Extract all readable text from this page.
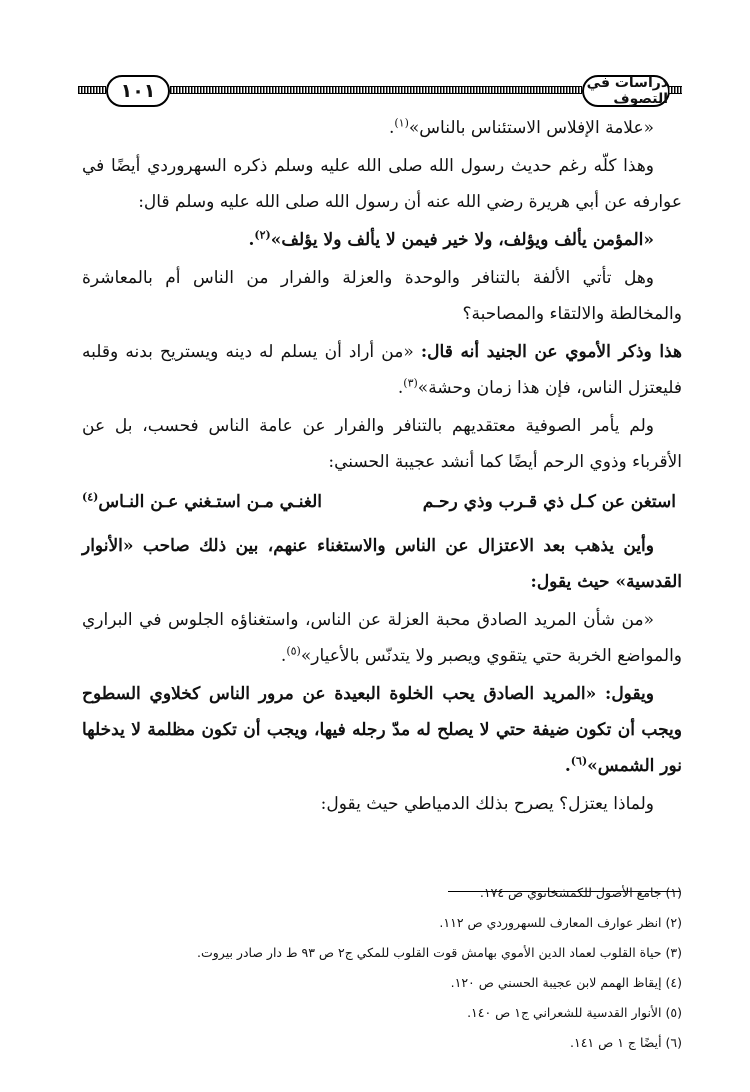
١٠١	دراسات في التصوف

«علامة الإفلاس الاستئناس بالناس»$^{(١)}$.

وهذا كلّه رغم حديث رسول الله صلى الله عليه وسلم ذكره السهروردي أيضًا في عوارفه عن أبي هريرة رضي الله عنه أن رسول الله صلى الله عليه وسلم قال:

«المؤمن يألف ويؤلف، ولا خير فيمن لا يألف ولا يؤلف»$^{(٢)}$.

وهل تأتي الألفة بالتنافر والوحدة والعزلة والفرار من الناس أم بالمعاشرة والمخالطة والالتقاء والمصاحبة؟

هذا وذكر الأموي عن الجنيد أنه قال: «من أراد أن يسلم له دينه ويستريح بدنه وقلبه فليعتزل الناس، فإن هذا زمان وحشة»$^{(٣)}$.

ولم يأمر الصوفية معتقديهم بالتنافر والفرار عن عامة الناس فحسب، بل عن الأقرباء وذوي الرحم أيضًا كما أنشد عجيبة الحسني:

استغن عن كـل ذي قـرب وذي رحـم
الغنـي مـن استـغني عـن النـاس$^{(٤)}$

وأين يذهب بعد الاعتزال عن الناس والاستغناء عنهم، بين ذلك صاحب «الأنوار القدسية» حيث يقول:

«من شأن المريد الصادق محبة العزلة عن الناس، واستغناؤه الجلوس في البراري والمواضع الخربة حتي يتقوي ويصبر ولا يتدنّس بالأعيار»$^{(٥)}$.

ويقول: «المريد الصادق يحب الخلوة البعيدة عن مرور الناس كخلاوي السطوح ويجب أن تكون ضيفة حتي لا يصلح له مدّ رجله فيها، ويجب أن تكون مظلمة لا يدخلها نور الشمس»$^{(٦)}$.

ولماذا يعتزل؟ يصرح بذلك الدمياطي حيث يقول:

(١) جامع الأصول للكمشخانوي ص ١٧٤.

(٢) انظر عوارف المعارف للسهروردي ص ١١٢.

(٣) حياة القلوب لعماد الدين الأموي بهامش قوت القلوب للمكي ج٢ ص ٩٣ ط دار صادر بيروت.

(٤) إيقاظ الهمم لابن عجيبة الحسني ص ١٢٠.

(٥) الأنوار القدسية للشعراني ج١ ص ١٤٠.

(٦) أيضًا ج ١ ص ١٤١.
